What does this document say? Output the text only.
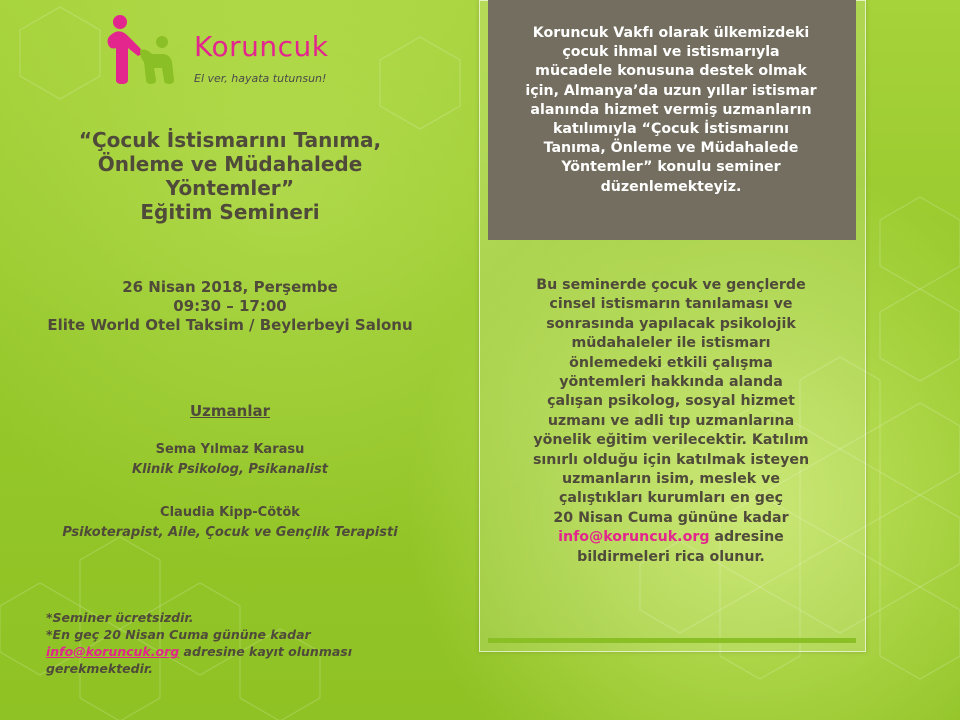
Koruncuk
El ver, hayata tutunsun!
“Çocuk İstismarını Tanıma,
Önleme ve Müdahalede
Yöntemler”
Eğitim Semineri
26 Nisan 2018, Perşembe
09:30 – 17:00
Elite World Otel Taksim / Beylerbeyi Salonu
Uzmanlar
Sema Yılmaz Karasu
Klinik Psikolog, Psikanalist
Claudia Kipp-Cötök
Psikoterapist, Aile, Çocuk ve Gençlik Terapisti
*Seminer ücretsizdir.
*En geç 20 Nisan Cuma gününe kadar
info@koruncuk.org adresine kayıt olunması
gerekmektedir.
Koruncuk Vakfı olarak ülkemizdeki
çocuk ihmal ve istismarıyla
mücadele konusuna destek olmak
için, Almanya’da uzun yıllar istismar
alanında hizmet vermiş uzmanların
katılımıyla “Çocuk İstismarını
Tanıma, Önleme ve Müdahalede
Yöntemler” konulu seminer
düzenlemekteyiz.
Bu seminerde çocuk ve gençlerde
cinsel istismarın tanılaması ve
sonrasında yapılacak psikolojik
müdahaleler ile istismarı
önlemedeki etkili çalışma
yöntemleri hakkında alanda
çalışan psikolog, sosyal hizmet
uzmanı ve adli tıp uzmanlarına
yönelik eğitim verilecektir. Katılım
sınırlı olduğu için katılmak isteyen
uzmanların isim, meslek ve
çalıştıkları kurumları en geç
20 Nisan Cuma gününe kadar
info@koruncuk.org adresine
bildirmeleri rica olunur.
